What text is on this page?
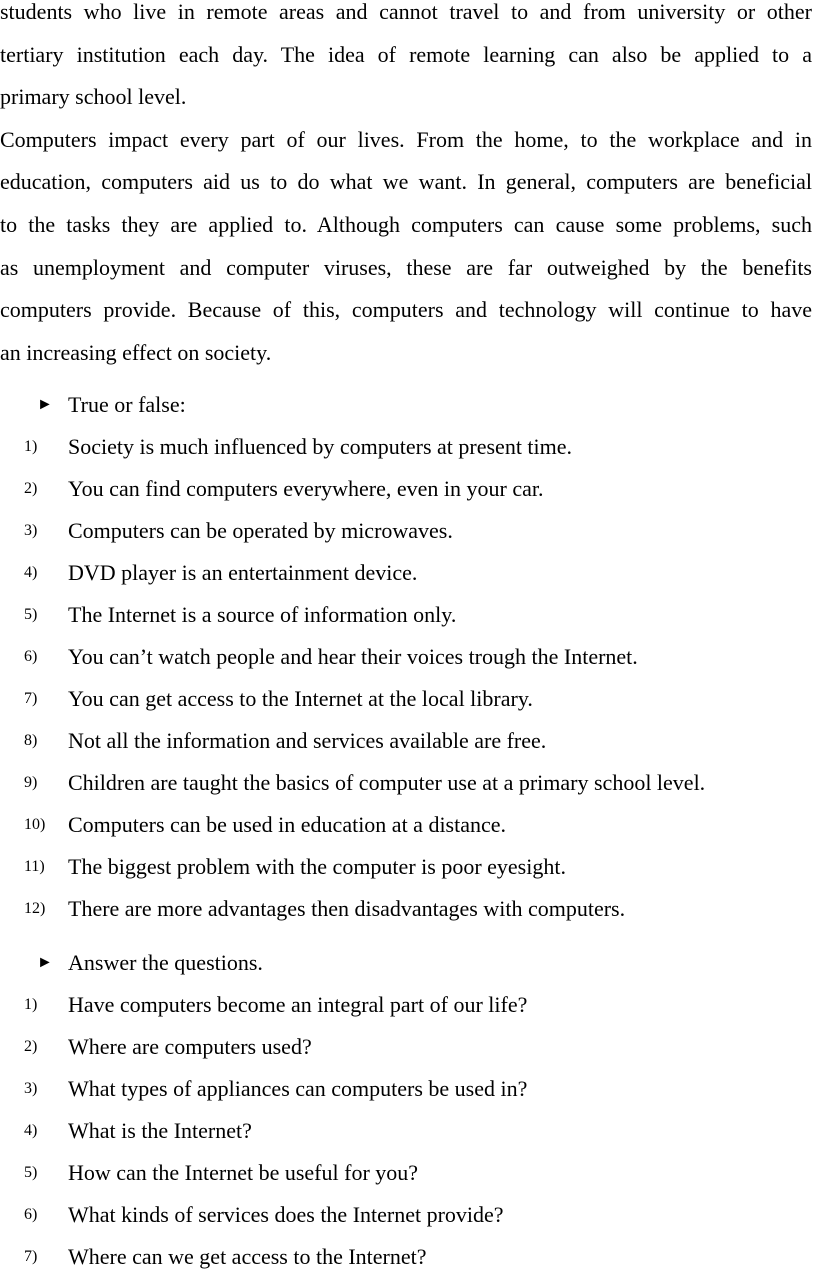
students who live in remote areas and cannot travel to and from university or other
tertiary institution each day. The idea of remote learning can also be applied to a
primary school level.
Computers impact every part of our lives. From the home, to the workplace and in
education, computers aid us to do what we want. In general, computers are beneficial
to the tasks they are applied to. Although computers can cause some problems, such
as unemployment and computer viruses, these are far outweighed by the benefits
computers provide. Because of this, computers and technology will continue to have
an increasing effect on society.
► True or false:
1)	Society is much influenced by computers at present time.
2)	You can find computers everywhere, even in your car.
3)	Computers can be operated by microwaves.
4)	DVD player is an entertainment device.
5)	The Internet is a source of information only.
6)	You can’t watch people and hear their voices trough the Internet.
7)	You can get access to the Internet at the local library.
8)	Not all the information and services available are free.
9)	Children are taught the basics of computer use at a primary school level.
10)	Computers can be used in education at a distance.
11)	The biggest problem with the computer is poor eyesight.
12)	There are more advantages then disadvantages with computers.
► Answer the questions.
1)	Have computers become an integral part of our life?
2)	Where are computers used?
3)	What types of appliances can computers be used in?
4)	What is the Internet?
5)	How can the Internet be useful for you?
6)	What kinds of services does the Internet provide?
7)	Where can we get access to the Internet?
